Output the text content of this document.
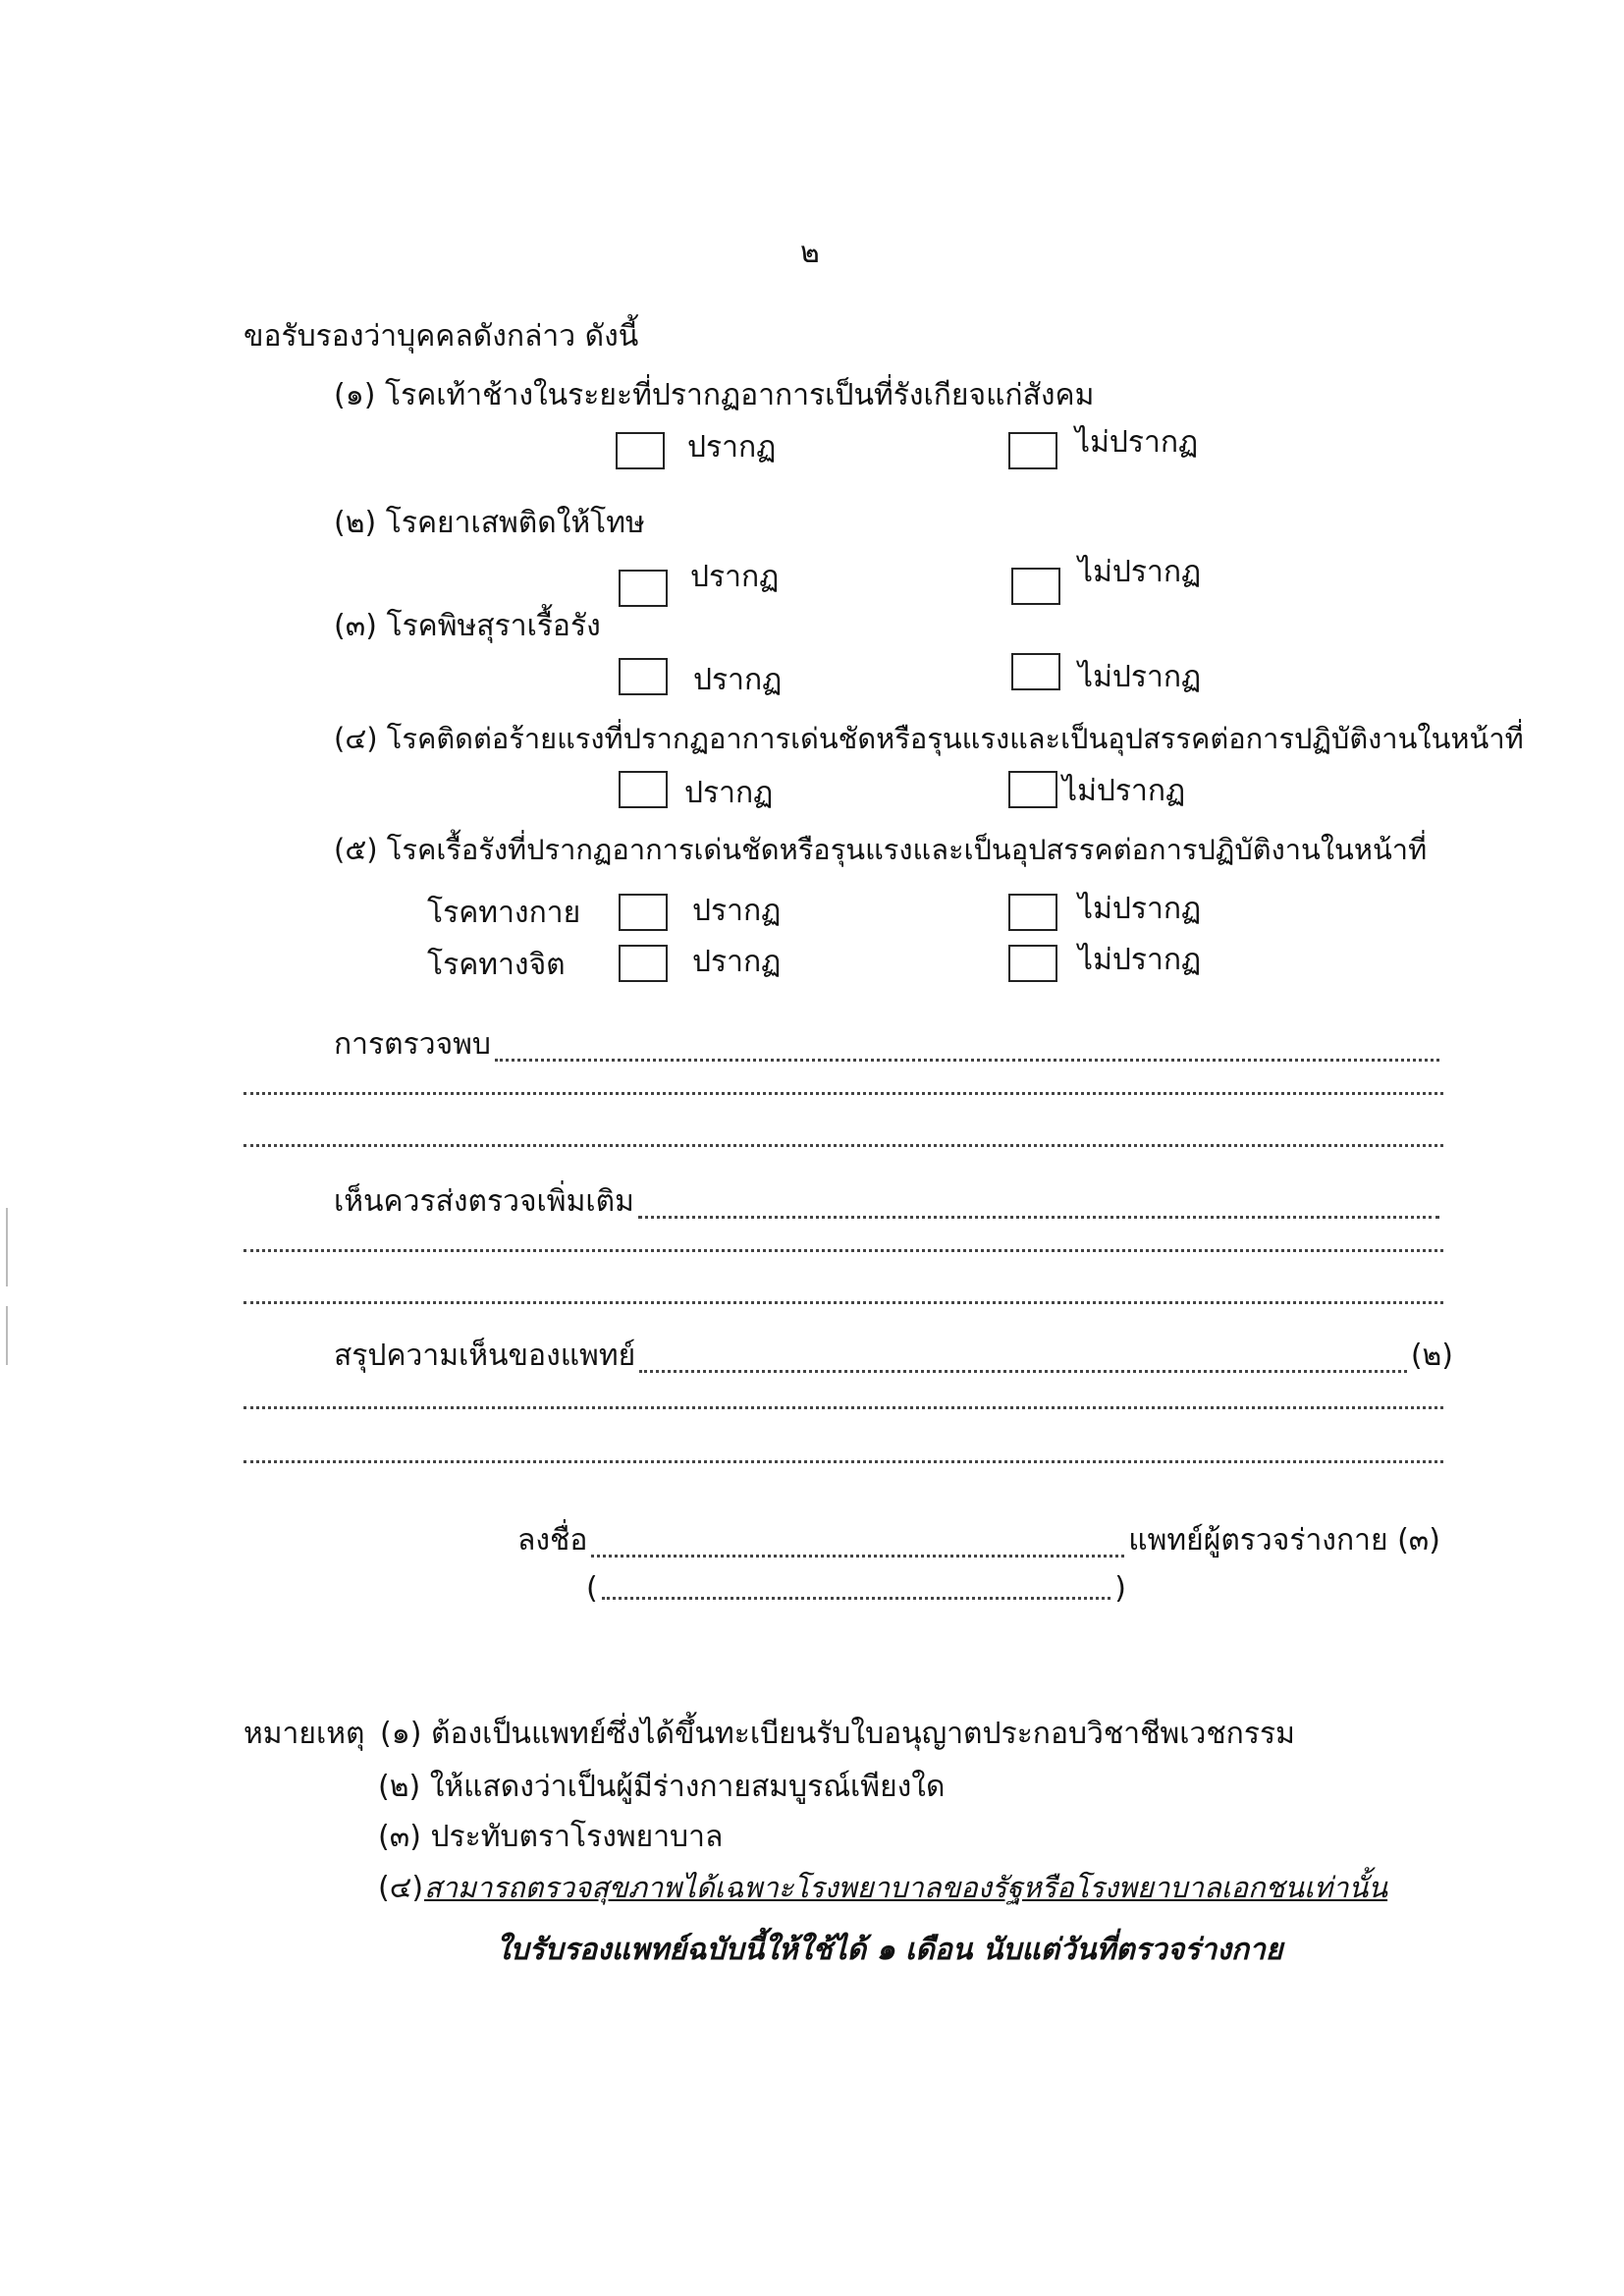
๒
ขอรับรองว่าบุคคลดังกล่าว ดังนี้
(๑) โรคเท้าช้างในระยะที่ปรากฏอาการเป็นที่รังเกียจแก่สังคม
ปรากฏ	ไม่ปรากฏ
(๒) โรคยาเสพติดให้โทษ
ปรากฏ	ไม่ปรากฏ
(๓) โรคพิษสุราเรื้อรัง
ปรากฏ	ไม่ปรากฏ
(๔) โรคติดต่อร้ายแรงที่ปรากฏอาการเด่นชัดหรือรุนแรงและเป็นอุปสรรคต่อการปฏิบัติงานในหน้าที่
ปรากฏ	ไม่ปรากฏ
(๕) โรคเรื้อรังที่ปรากฏอาการเด่นชัดหรือรุนแรงและเป็นอุปสรรคต่อการปฏิบัติงานในหน้าที่
โรคทางกาย	ปรากฏ	ไม่ปรากฏ
โรคทางจิต	ปรากฏ	ไม่ปรากฏ
การตรวจพบ
เห็นควรส่งตรวจเพิ่มเติม
สรุปความเห็นของแพทย์	(๒)
ลงชื่อ	แพทย์ผู้ตรวจร่างกาย (๓)
(	)
หมายเหตุ (๑) ต้องเป็นแพทย์ซึ่งได้ขึ้นทะเบียนรับใบอนุญาตประกอบวิชาชีพเวชกรรม
(๒) ให้แสดงว่าเป็นผู้มีร่างกายสมบูรณ์เพียงใด
(๓) ประทับตราโรงพยาบาล
(๔) สามารถตรวจสุขภาพได้เฉพาะโรงพยาบาลของรัฐหรือโรงพยาบาลเอกชนเท่านั้น
ใบรับรองแพทย์ฉบับนี้ให้ใช้ได้ ๑ เดือน นับแต่วันที่ตรวจร่างกาย
